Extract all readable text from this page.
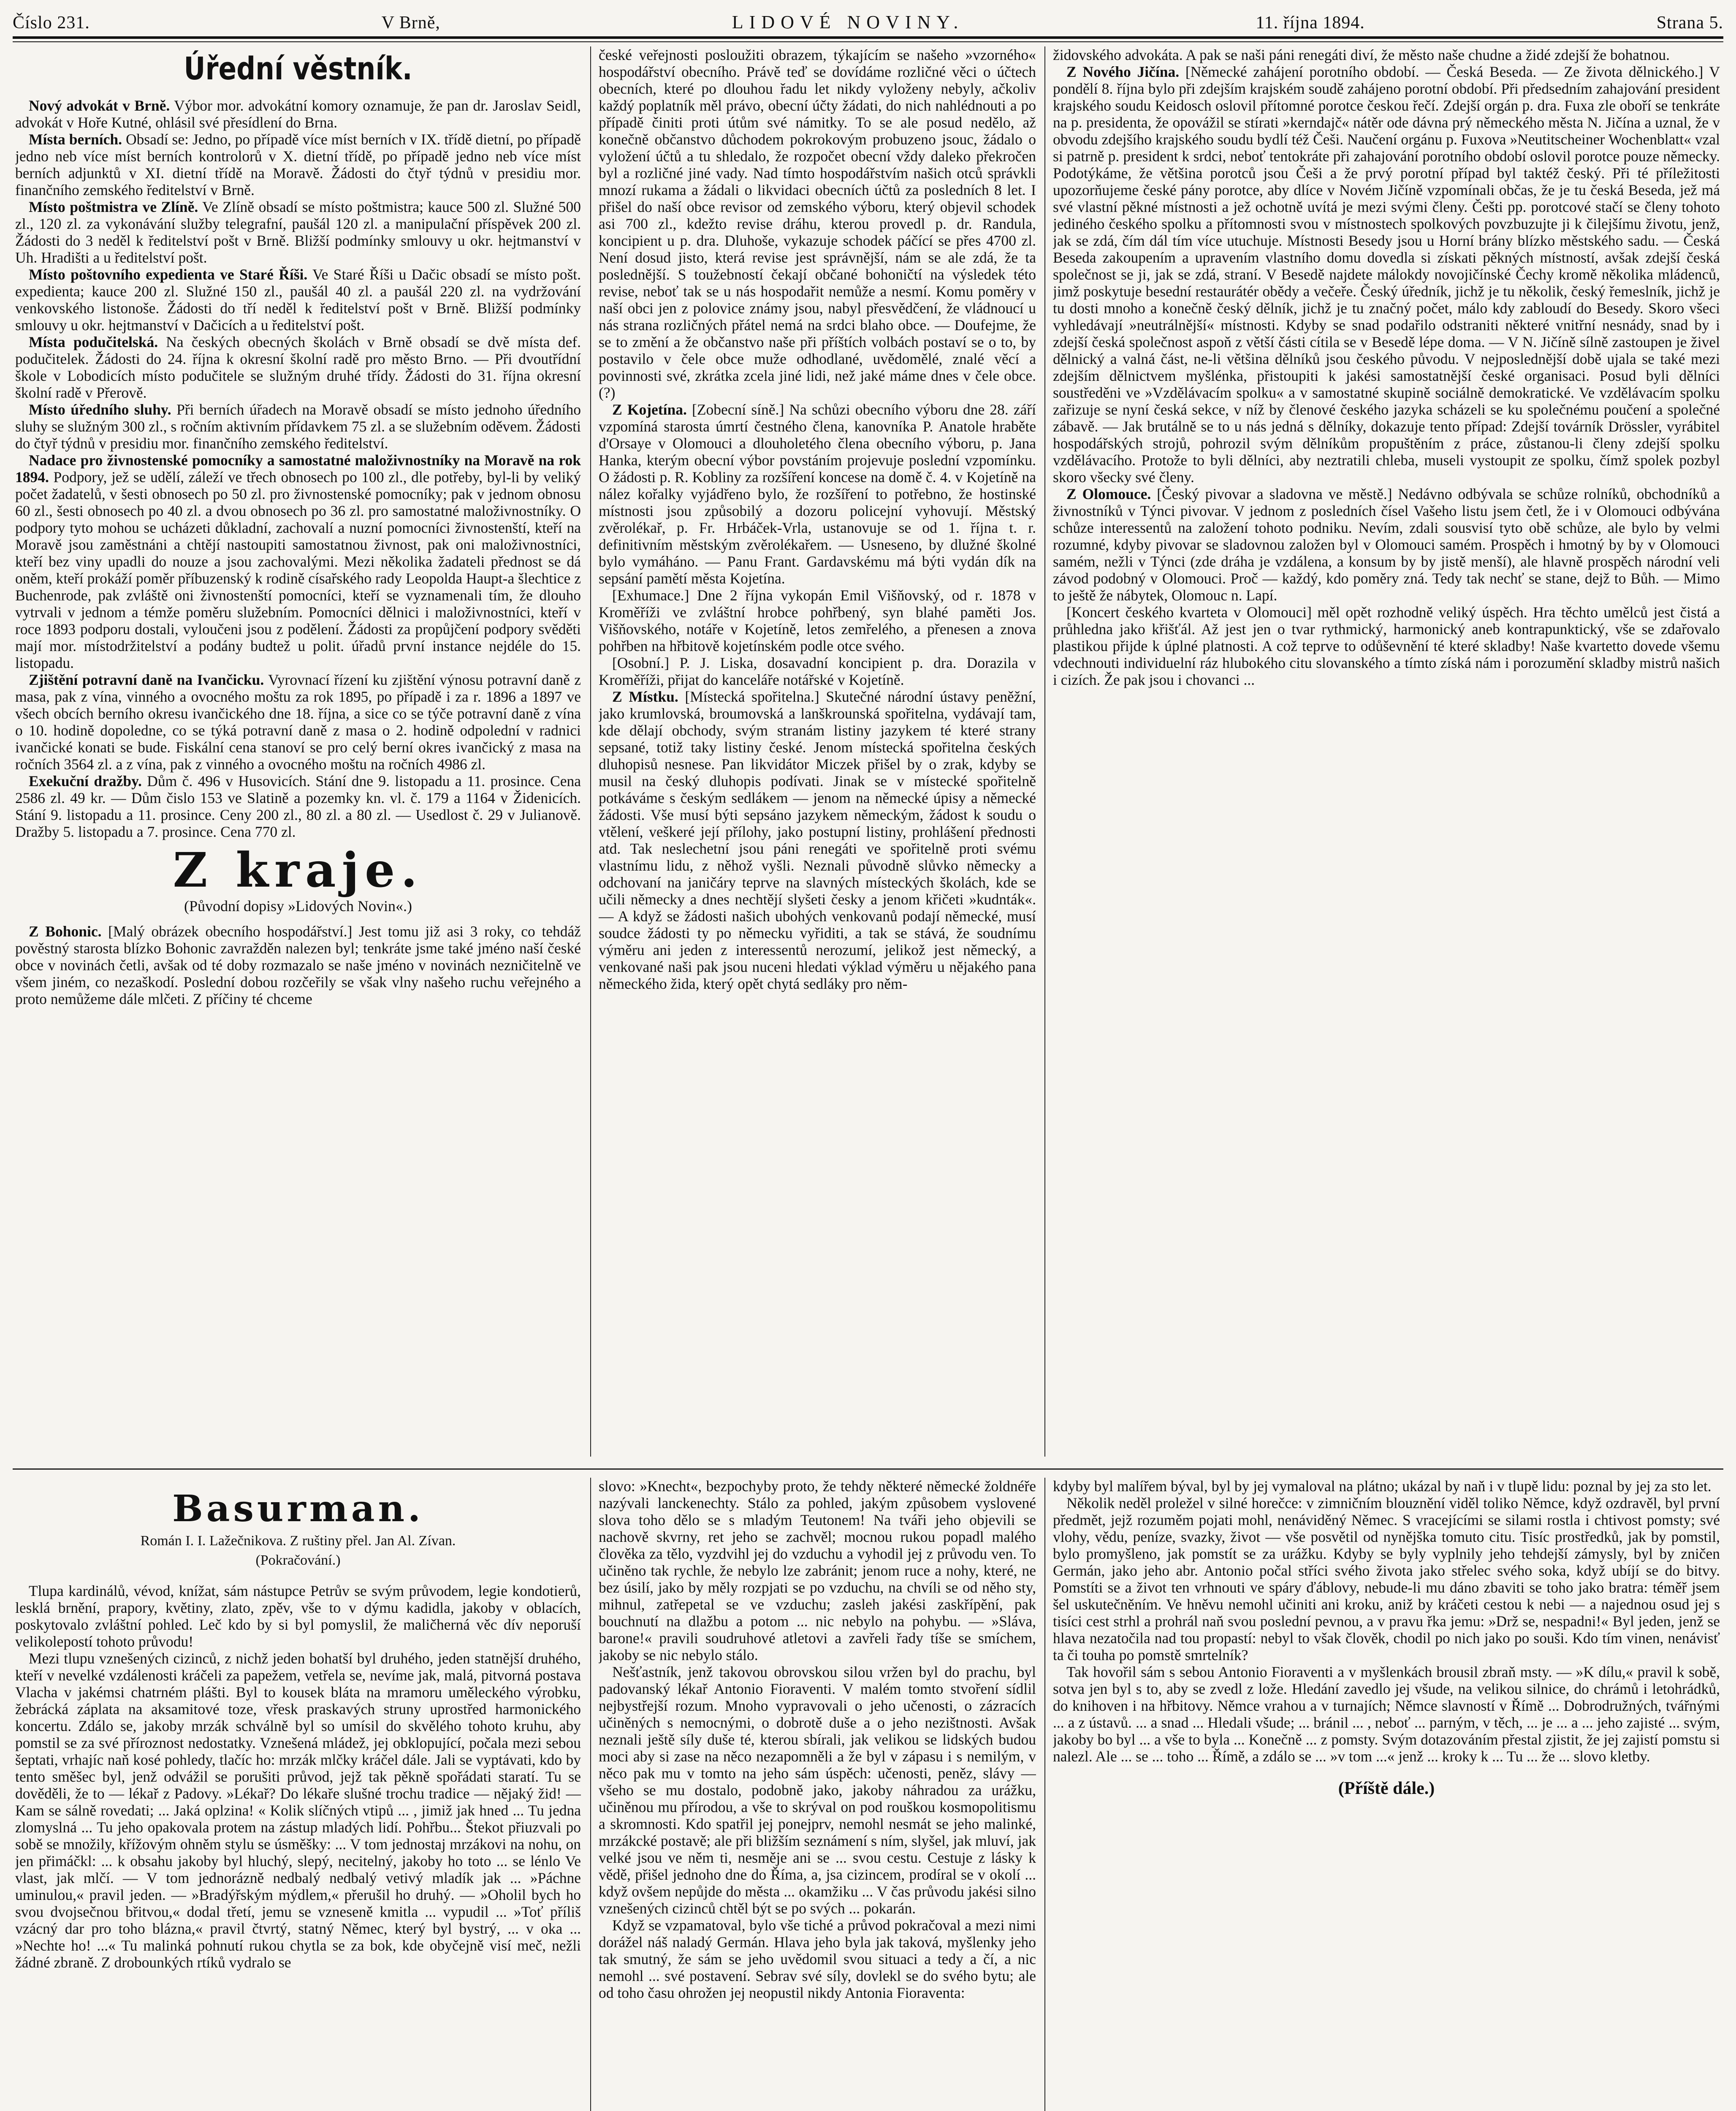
Číslo 231.	V Brně,	LIDOVÉ NOVINY.	11. října 1894.	Strana 5.
Úřední věstník.

Nový advokát v Brně. Výbor mor. advokátní komory oznamuje, že pan dr. Jaroslav Seidl, advokát v Hoře Kutné, ohlásil své přesídlení do Brna.

Místa berních. Obsadí se: Jedno, po případě více míst berních v IX. třídě dietní, po případě jedno neb více míst berních kontrolorů v X. dietní třídě, po případě jedno neb více míst berních adjunktů v XI. dietní třídě na Moravě. Žádosti do čtyř týdnů v presidiu mor. finančního zemského ředitelství v Brně.

Místo poštmistra ve Zlíně. Ve Zlíně obsadí se místo poštmistra; kauce 500 zl. Služné 500 zl., 120 zl. za vykonávání služby telegrafní, paušál 120 zl. a manipulační příspěvek 200 zl. Žádosti do 3 neděl k ředitelství pošt v Brně. Bližší podmínky smlouvy u okr. hejtmanství v Uh. Hradišti a u ředitelství pošt.

Místo poštovního expedienta ve Staré Říši. Ve Staré Říši u Dačic obsadí se místo pošt. expedienta; kauce 200 zl. Služné 150 zl., paušál 40 zl. a paušál 220 zl. na vydržování venkovského listonoše. Žádosti do tří neděl k ředitelství pošt v Brně. Bližší podmínky smlouvy u okr. hejtmanství v Dačicích a u ředitelství pošt.

Místa podučitelská. Na českých obecných školách v Brně obsadí se dvě místa def. podučitelek. Žádosti do 24. října k okresní školní radě pro město Brno. — Při dvoutřídní škole v Lobodicích místo podučitele se služným druhé třídy. Žádosti do 31. října okresní školní radě v Přerově.

Místo úředního sluhy. Při berních úřadech na Moravě obsadí se místo jednoho úředního sluhy se služným 300 zl., s ročním aktivním přídavkem 75 zl. a se služebním oděvem. Žádosti do čtyř týdnů v presidiu mor. finančního zemského ředitelství.

Nadace pro živnostenské pomocníky a samostatné maloživnostníky na Moravě na rok 1894. Podpory, jež se udělí, záleží ve třech obnosech po 100 zl., dle potřeby, byl-li by veliký počet žadatelů, v šesti obnosech po 50 zl. pro živnostenské pomocníky; pak v jednom obnosu 60 zl., šesti obnosech po 40 zl. a dvou obnosech po 36 zl. pro samostatné maloživnostníky. O podpory tyto mohou se ucházeti důkladní, zachovalí a nuzní pomocníci živnostenští, kteří na Moravě jsou zaměstnáni a chtějí nastoupiti samostatnou živnost, pak oni maloživnostníci, kteří bez viny upadli do nouze a jsou zachovalými. Mezi několika žadateli přednost se dá oněm, kteří prokáží poměr příbuzenský k rodině císařského rady Leopolda Haupt-a šlechtice z Buchenrode, pak zvláště oni živnostenští pomocníci, kteří se vyznamenali tím, že dlouho vytrvali v jednom a témže poměru služebním. Pomocníci dělnici i maloživnostníci, kteří v roce 1893 podporu dostali, vyloučeni jsou z podělení. Žádosti za propůjčení podpory svěděti mají mor. místodržitelství a podány budtež u polit. úřadů první instance nejdéle do 15. listopadu.

Zjištění potravní daně na Ivančicku. Vyrovnací řízení ku zjištění výnosu potravní daně z masa, pak z vína, vinného a ovocného moštu za rok 1895, po případě i za r. 1896 a 1897 ve všech obcích berního okresu ivančického dne 18. října, a sice co se týče potravní daně z vína o 10. hodině dopoledne, co se týká potravní daně z masa o 2. hodině odpolední v radnici ivančické konati se bude. Fiskální cena stanoví se pro celý berní okres ivančický z masa na ročních 3564 zl. a z vína, pak z vinného a ovocného moštu na ročních 4986 zl.

Exekuční dražby. Dům č. 496 v Husovicích. Stání dne 9. listopadu a 11. prosince. Cena 2586 zl. 49 kr. — Dům čislo 153 ve Slatině a pozemky kn. vl. č. 179 a 1164 v Židenicích. Stání 9. listopadu a 11. prosince. Ceny 200 zl., 80 zl. a 80 zl. — Usedlost č. 29 v Julianově. Dražby 5. listopadu a 7. prosince. Cena 770 zl.

Z kraje.
(Původní dopisy »Lidových Novin«.)

Z Bohonic. [Malý obrázek obecního hospodářství.] Jest tomu již asi 3 roky, co tehdáž pověstný starosta blízko Bohonic zavražděn nalezen byl; tenkráte jsme také jméno naší české obce v novinách četli, avšak od té doby rozmazalo se naše jméno v novinách nezničitelně ve všem jiném, co nezaškodí. Poslední dobou rozčeřily se však vlny našeho ruchu veřejného a proto nemůžeme dále mlčeti. Z příčiny té chceme

české veřejnosti posloužiti obrazem, týkajícím se našeho »vzorného« hospodářství obecního. Právě teď se dovídáme rozličné věci o účtech obecních, které po dlouhou řadu let nikdy vyloženy nebyly, ačkoliv každý poplatník měl právo, obecní účty žádati, do nich nahlédnouti a po případě činiti proti útům své námitky. To se ale posud nedělo, až konečně občanstvo důchodem pokrokovým probuzeno jsouc, žádalo o vyložení účtů a tu shledalo, že rozpočet obecní vždy daleko překročen byl a rozličné jiné vady. Nad tímto hospodářstvím našich otců správkli mnozí rukama a žádali o likvidaci obecních účtů za posledních 8 let. I přišel do naší obce revisor od zemského výboru, který objevil schodek asi 700 zl., kdežto revise dráhu, kterou provedl p. dr. Randula, koncipient u p. dra. Dluhoše, vykazuje schodek páčící se přes 4700 zl. Není dosud jisto, která revise jest správnější, nám se ale zdá, že ta poslednější. S toužebností čekají občané bohoničtí na výsledek této revise, neboť tak se u nás hospodařit nemůže a nesmí. Komu poměry v naší obci jen z polovice známy jsou, nabyl přesvědčení, že vládnoucí u nás strana rozličných přátel nemá na srdci blaho obce. — Doufejme, že se to změní a že občanstvo naše při příštích volbách postaví se o to, by postavilo v čele obce muže odhodlané, uvědomělé, znalé věcí a povinnosti své, zkrátka zcela jiné lidi, než jaké máme dnes v čele obce. (?)

Z Kojetína. [Zobecní síně.] Na schůzi obecního výboru dne 28. září vzpomíná starosta úmrtí čestného člena, kanovníka P. Anatole hraběte d'Orsaye v Olomouci a dlouholetého člena obecního výboru, p. Jana Hanka, kterým obecní výbor povstáním projevuje poslední vzpomínku. O žádosti p. R. Kobliny za rozšíření koncese na domě č. 4. v Kojetíně na nález kořalky vyjádřeno bylo, že rozšíření to potřebno, že hostinské místnosti jsou způsobilý a dozoru policejní vyhovují. Městský zvěrolékař, p. Fr. Hrbáček-Vrla, ustanovuje se od 1. října t. r. definitivním městským zvěrolékařem. — Usneseno, by dlužné školné bylo vymáháno. — Panu Frant. Gardavskému má býti vydán dík na sepsání pamětí města Kojetína.

[Exhumace.] Dne 2 října vykopán Emil Višňovský, od r. 1878 v Kroměříži ve zvláštní hrobce pohřbený, syn blahé paměti Jos. Višňovského, notáře v Kojetíně, letos zemřelého, a přenesen a znova pohřben na hřbitově kojetínském podle otce svého.

[Osobní.] P. J. Liska, dosavadní koncipient p. dra. Dorazila v Kroměříži, přijat do kanceláře notářské v Kojetíně.

Z Místku. [Místecká spořitelna.] Skutečné národní ústavy peněžní, jako krumlovská, broumovská a lanškrounská spořitelna, vydávají tam, kde dělají obchody, svým stranám listiny jazykem té které strany sepsané, totiž taky listiny české. Jenom místecká spořitelna českých dluhopisů nesnese. Pan likvidátor Miczek přišel by o zrak, kdyby se musil na český dluhopis podívati. Jinak se v místecké spořitelně potkáváme s českým sedlákem — jenom na německé úpisy a německé žádosti. Vše musí býti sepsáno jazykem německým, žádost k soudu o vtělení, veškeré její přílohy, jako postupní listiny, prohlášení přednosti atd. Tak neslechetní jsou páni renegáti ve spořitelně proti svému vlastnímu lidu, z něhož vyšli. Neznali původně slůvko německy a odchovaní na janičáry teprve na slavných místeckých školách, kde se učili německy a dnes nechtějí slyšeti česky a jenom křičeti »kudnták«. — A když se žádosti našich ubohých venkovanů podají německé, musí soudce žádosti ty po německu vyřiditi, a tak se stává, že soudnímu výměru ani jeden z interessentů nerozumí, jelikož jest německý, a venkované naši pak jsou nuceni hledati výklad výměru u nějakého pana německého žida, který opět chytá sedláky pro něm-

židovského advokáta. A pak se naši páni renegáti diví, že město naše chudne a židé zdejší že bohatnou.

Z Nového Jičína. [Německé zahájení porotního období. — Česká Beseda. — Ze života dělnického.] V pondělí 8. října bylo při zdejším krajském soudě zahájeno porotní období. Při předsedním zahajování president krajského soudu Keidosch oslovil přítomné porotce českou řečí. Zdejší orgán p. dra. Fuxa zle oboří se tenkráte na p. presidenta, že opovážil se stírati »kerndajč« nátěr ode dávna prý německého města N. Jičína a uznal, že v obvodu zdejšího krajského soudu bydlí též Češi. Naučení orgánu p. Fuxova »Neutitscheiner Wochenblatt« vzal si patrně p. president k srdci, neboť tentokráte při zahajování porotního období oslovil porotce pouze německy. Podotýkáme, že většina porotců jsou Češi a že prvý porotní případ byl taktéž český. Při té příležitosti upozorňujeme české pány porotce, aby dlíce v Novém Jičíně vzpomínali občas, že je tu česká Beseda, jež má své vlastní pěkné místnosti a jež ochotně uvítá je mezi svými členy. Češti pp. porotcové stačí se členy tohoto jediného českého spolku a přítomnosti svou v místnostech spolkových povzbuzujte ji k čilejšímu životu, jenž, jak se zdá, čím dál tím více utuchuje. Místnosti Besedy jsou u Horní brány blízko městského sadu. — Česká Beseda zakoupením a upravením vlastního domu dovedla si získati pěkných místností, avšak zdejší česká společnost se ji, jak se zdá, straní. V Besedě najdete málokdy novojičínské Čechy kromě několika mládenců, jimž poskytuje besední restaurátér obědy a večeře. Český úředník, jichž je tu několik, český řemeslník, jichž je tu dosti mnoho a konečně český dělník, jichž je tu značný počet, málo kdy zabloudí do Besedy. Skoro všeci vyhledávají »neutrálnější« místnosti. Kdyby se snad podařilo odstraniti některé vnitřní nesnády, snad by i zdejší česká společnost aspoň z větší části cítila se v Besedě lépe doma. — V N. Jičíně sílně zastoupen je živel dělnický a valná část, ne-li většina dělníků jsou českého původu. V nejposlednější době ujala se také mezi zdejším dělnictvem myšlénka, přistoupiti k jakési samostatnější české organisaci. Posud byli dělníci soustředěni ve »Vzdělávacím spolku« a v samostatné skupině sociálně demokratické. Ve vzdělávacím spolku zařizuje se nyní česká sekce, v níž by členové českého jazyka scházeli se ku společnému poučení a společné zábavě. — Jak brutálně se to u nás jedná s dělníky, dokazuje tento případ: Zdejší továrník Drössler, vyrábitel hospodářských strojů, pohrozil svým dělníkům propuštěním z práce, zůstanou-li členy zdejší spolku vzdělávacího. Protože to byli dělníci, aby neztratili chleba, museli vystoupit ze spolku, čímž spolek pozbyl skoro všecky své členy.

Z Olomouce. [Český pivovar a sladovna ve městě.] Nedávno odbývala se schůze rolníků, obchodníků a živnostníků v Týnci pivovar. V jednom z posledních čísel Vašeho listu jsem četl, že i v Olomouci odbývána schůze interessentů na založení tohoto podniku. Nevím, zdali sousvisí tyto obě schůze, ale bylo by velmi rozumné, kdyby pivovar se sladovnou založen byl v Olomouci samém. Prospěch i hmotný by by v Olomouci samém, nežli v Týnci (zde dráha je vzdálena, a konsum by by jistě menší), ale hlavně prospěch národní veli závod podobný v Olomouci. Proč — každý, kdo poměry zná. Tedy tak nechť se stane, dejž to Bůh. — Mimo to ještě že nábytek, Olomouc n. Lapí.

[Koncert českého kvarteta v Olomouci] měl opět rozhodně veliký úspěch. Hra těchto umělců jest čistá a průhledna jako křišťál. Až jest jen o tvar rythmický, harmonický aneb kontrapunktický, vše se zdařovalo plastikou přijde k úplné platnosti. A což teprve to odůševnění té které skladby! Naše kvartetto dovede všemu vdechnouti individuelní ráz hlubokého citu slovanského a tímto získá nám i porozumění skladby mistrů našich i cizích. Že pak jsou i chovanci ...

Basurman.
Román I. I. Lažečnikova. Z ruštiny přel. Jan Al. Zívan.
(Pokračování.)

Tlupa kardinálů, vévod, knížat, sám nástupce Petrův se svým průvodem, legie kondotierů, lesklá brnění, prapory, květiny, zlato, zpěv, vše to v dýmu kadidla, jakoby v oblacích, poskytovalo zvláštní pohled. Leč kdo by si byl pomyslil, že maličherná věc dív neporuší velikolepostí tohoto průvodu!

Mezi tlupu vznešených cizinců, z nichž jeden bohatší byl druhého, jeden statnější druhého, kteří v nevelké vzdálenosti kráčeli za papežem, vetřela se, nevíme jak, malá, pitvorná postava Vlacha v jakémsi chatrném plášti. Byl to kousek bláta na mramoru uměleckého výrobku, žebrácká záplata na aksamitové toze, vřesk praskavých struny uprostřed harmonického koncertu. Zdálo se, jakoby mrzák schválně byl so umísil do skvělého tohoto kruhu, aby pomstil se za své příroznost nedostatky. Vznešená mládež, jej obklopující, počala mezi sebou šeptati, vrhajíc naň kosé pohledy, tlačíc ho: mrzák mlčky kráčel dále. Jali se vyptávati, kdo by tento směšec byl, jenž odvážil se porušiti průvod, jejž tak pěkně spořádati staratí. Tu se dověděli, že to — lékař z Padovy. »Lékař? Do lékaře slušné trochu tradice — nějaký žid! — Kam se sálně rovedati; ... Jaká oplzina! « Kolik slíčných vtipů ... , jimiž jak hned ... Tu jedna zlomyslná ... Tu jeho opakovala protem na zástup mladých lidí. Pohřbu... Štekot přiuzvali po sobě se množily, křížovým ohněm stylu se úsměšky: ... V tom jednostaj mrzákovi na nohu, on jen přimáčkl: ... k obsahu jakoby byl hluchý, slepý, necitelný, jakoby ho toto ... se lénlo Ve vlast, jak mlčí. — V tom jednorázně nedbalý nedbalý vetivý mladík jak ... »Páchne uminulou,« pravil jeden. — »Bradýřským mýdlem,« přerušil ho druhý. — »Oholil bych ho svou dvojsečnou břitvou,« dodal třetí, jemu se vzneseně kmitla ... vypudil ... »Toť příliš vzácný dar pro toho blázna,« pravil čtvrtý, statný Němec, který byl bystrý, ... v oka ... »Nechte ho! ...« Tu malinká pohnutí rukou chytla se za bok, kde obyčejně visí meč, nežli žádné zbraně. Z drobounkých rtíků vydralo se

slovo: »Knecht«, bezpochyby proto, že tehdy některé německé žoldnéře nazývali lanckenechty. Stálo za pohled, jakým způsobem vyslovené slova toho dělo se s mladým Teutonem! Na tváři jeho objevili se nachově skvrny, ret jeho se zachvěl; mocnou rukou popadl malého člověka za tělo, vyzdvihl jej do vzduchu a vyhodil jej z průvodu ven. To učiněno tak rychle, že nebylo lze zabránit; jenom ruce a nohy, které, ne bez úsilí, jako by měly rozpjati se po vzduchu, na chvíli se od něho sty, mihnul, zatřepetal se ve vzduchu; zasleh jakési zaskřípění, pak bouchnutí na dlažbu a potom ... nic nebylo na pohybu. — »Sláva, barone!« pravili soudruhové atletovi a zavřeli řady tíše se smíchem, jakoby se nic nebylo stálo.

Nešťastník, jenž takovou obrovskou silou vržen byl do prachu, byl padovanský lékař Antonio Fioraventi. V malém tomto stvoření sídlil nejbystřejší rozum. Mnoho vypravovali o jeho učenosti, o zázracích učiněných s nemocnými, o dobrotě duše a o jeho nezištnosti. Avšak neznali ještě síly duše té, kterou sbírali, jak velikou se lidských budou moci aby si zase na něco nezapomněli a že byl v zápasu i s nemilým, v něco pak mu v tomto na jeho sám úspěch: učenosti, peněz, slávy — všeho se mu dostalo, podobně jako, jakoby náhradou za urážku, učiněnou mu přírodou, a vše to skrýval on pod rouškou kosmopolitismu a skromnosti. Kdo spatřil jej ponejprv, nemohl nesmát se jeho malinké, mrzákcké postavě; ale při bližším seznámení s ním, slyšel, jak mluví, jak velké jsou ve něm ti, nesměje ani se ... svou cestu. Cestuje z lásky k vědě, přišel jednoho dne do Říma, a, jsa cizincem, prodíral se v okolí ... když ovšem nepůjde do města ... okamžiku ... V čas průvodu jakési silno vznešených cizinců chtěl být se po svých ... pokarán.

Když se vzpamatoval, bylo vše tiché a průvod pokračoval a mezi nimi dorážel náš naladý Germán. Hlava jeho byla jak taková, myšlenky jeho tak smutný, že sám se jeho uvědomil svou situaci a tedy a čí, a nic nemohl ... své postavení. Sebrav své síly, dovlekl se do svého bytu; ale od toho času ohrožen jej neopustil nikdy Antonia Fioraventa:

kdyby byl malířem býval, byl by jej vymaloval na plátno; ukázal by naň i v tlupě lidu: poznal by jej za sto let.

Několik neděl proležel v silné horečce: v zimničním blouznění viděl toliko Němce, když ozdravěl, byl první předmět, jejž rozuměm pojati mohl, nenáviděný Němec. S vracejícími se silami rostla i chtivost pomsty; své vlohy, vědu, peníze, svazky, život — vše posvětil od nynějška tomuto citu. Tisíc prostředků, jak by pomstil, bylo promyšleno, jak pomstít se za urážku. Kdyby se byly vyplnily jeho tehdejší zámysly, byl by zničen Germán, jako jeho abr. Antonio počal stříci svého života jako střelec svého soka, když ubíjí se do bitvy. Pomstíti se a život ten vrhnouti ve spáry ďáblovy, nebude-li mu dáno zbaviti se toho jako bratra: téměř jsem šel uskutečněním. Ve hněvu nemohl učiniti ani kroku, aniž by kráčeti cestou k nebi — a najednou osud jej s tisíci cest strhl a prohrál naň svou poslední pevnou, a v pravu řka jemu: »Drž se, nespadni!« Byl jeden, jenž se hlava nezatočila nad tou propastí: nebyl to však člověk, chodil po nich jako po souši. Kdo tím vinen, nenávisť ta či touha po pomstě smrtelník?

Tak hovořil sám s sebou Antonio Fioraventi a v myšlenkách brousil zbraň msty. — »K dílu,« pravil k sobě, sotva jen byl s to, aby se zvedl z lože. Hledání zavedlo jej všude, na velikou silnice, do chrámů i letohrádků, do knihoven i na hřbitovy. Němce vrahou a v turnajích; Němce slavností v Římě ... Dobrodružných, tvářnými ... a z ústavů. ... a snad ... Hledali všude; ... bránil ... , neboť ... parným, v těch, ... je ... a ... jeho zajisté ... svým, jakoby bo byl ... a vše to byla ... Konečně ... z pomsty. Svým dotazováním přestal zjistit, že jej zajistí pomstu si nalezl. Ale ... se ... toho ... Římě, a zdálo se ... »v tom ...« jenž ... kroky k ... Tu ... že ... slovo kletby.

(Příště dále.)
